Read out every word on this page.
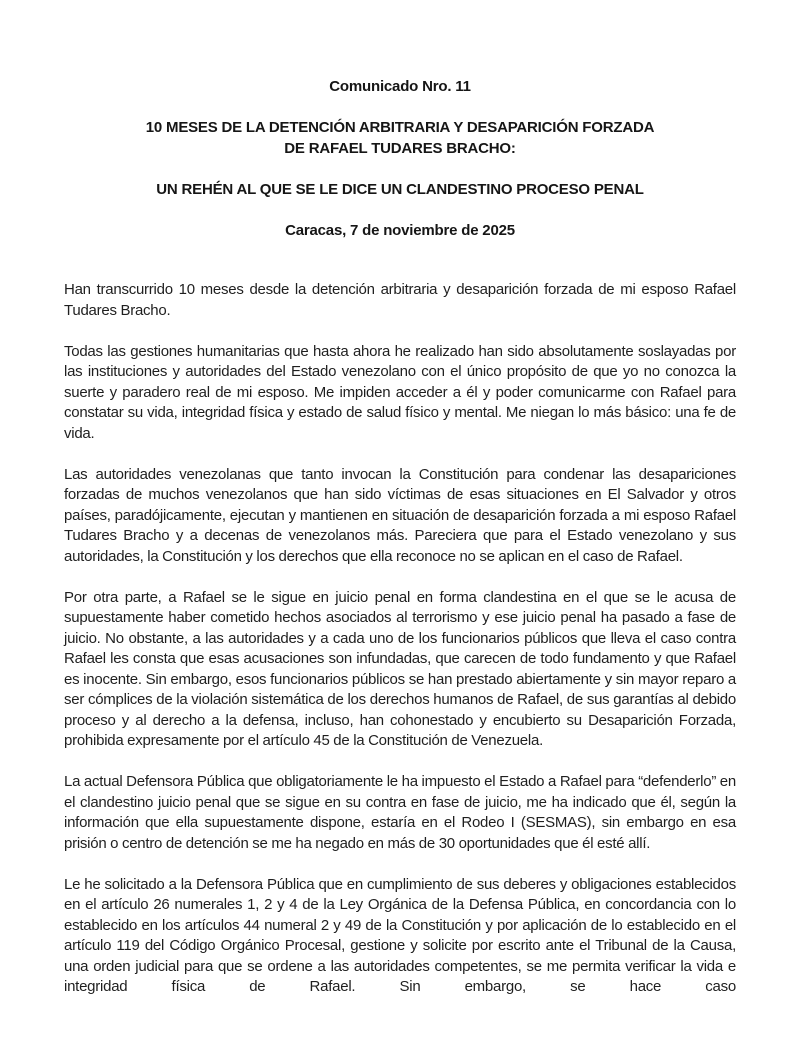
Comunicado Nro. 11
10 MESES DE LA DETENCIÓN ARBITRARIA Y DESAPARICIÓN FORZADA
DE RAFAEL TUDARES BRACHO:
UN REHÉN AL QUE SE LE DICE UN CLANDESTINO PROCESO PENAL
Caracas, 7 de noviembre de 2025

Han transcurrido 10 meses desde la detención arbitraria y desaparición forzada de mi esposo Rafael Tudares Bracho.

Todas las gestiones humanitarias que hasta ahora he realizado han sido absolutamente soslayadas por las instituciones y autoridades del Estado venezolano con el único propósito de que yo no conozca la suerte y paradero real de mi esposo. Me impiden acceder a él y poder comunicarme con Rafael para constatar su vida, integridad física y estado de salud físico y mental. Me niegan lo más básico: una fe de vida.

Las autoridades venezolanas que tanto invocan la Constitución para condenar las desapariciones forzadas de muchos venezolanos que han sido víctimas de esas situaciones en El Salvador y otros países, paradójicamente, ejecutan y mantienen en situación de desaparición forzada a mi esposo Rafael Tudares Bracho y a decenas de venezolanos más. Pareciera que para el Estado venezolano y sus autoridades, la Constitución y los derechos que ella reconoce no se aplican en el caso de Rafael.

Por otra parte, a Rafael se le sigue en juicio penal en forma clandestina en el que se le acusa de supuestamente haber cometido hechos asociados al terrorismo y ese juicio penal ha pasado a fase de juicio. No obstante, a las autoridades y a cada uno de los funcionarios públicos que lleva el caso contra Rafael les consta que esas acusaciones son infundadas, que carecen de todo fundamento y que Rafael es inocente. Sin embargo, esos funcionarios públicos se han prestado abiertamente y sin mayor reparo a ser cómplices de la violación sistemática de los derechos humanos de Rafael, de sus garantías al debido proceso y al derecho a la defensa, incluso, han cohonestado y encubierto su Desaparición Forzada, prohibida expresamente por el artículo 45 de la Constitución de Venezuela.

La actual Defensora Pública que obligatoriamente le ha impuesto el Estado a Rafael para “defenderlo” en el clandestino juicio penal que se sigue en su contra en fase de juicio, me ha indicado que él, según la información que ella supuestamente dispone, estaría en el Rodeo I (SESMAS), sin embargo en esa prisión o centro de detención se me ha negado en más de 30 oportunidades que él esté allí.

Le he solicitado a la Defensora Pública que en cumplimiento de sus deberes y obligaciones establecidos en el artículo 26 numerales 1, 2 y 4 de la Ley Orgánica de la Defensa Pública, en concordancia con lo establecido en los artículos 44 numeral 2 y 49 de la Constitución y por aplicación de lo establecido en el artículo 119 del Código Orgánico Procesal, gestione y solicite por escrito ante el Tribunal de la Causa, una orden judicial para que se ordene a las autoridades competentes, se me permita verificar la vida e integridad física de Rafael. Sin embargo, se hace caso
